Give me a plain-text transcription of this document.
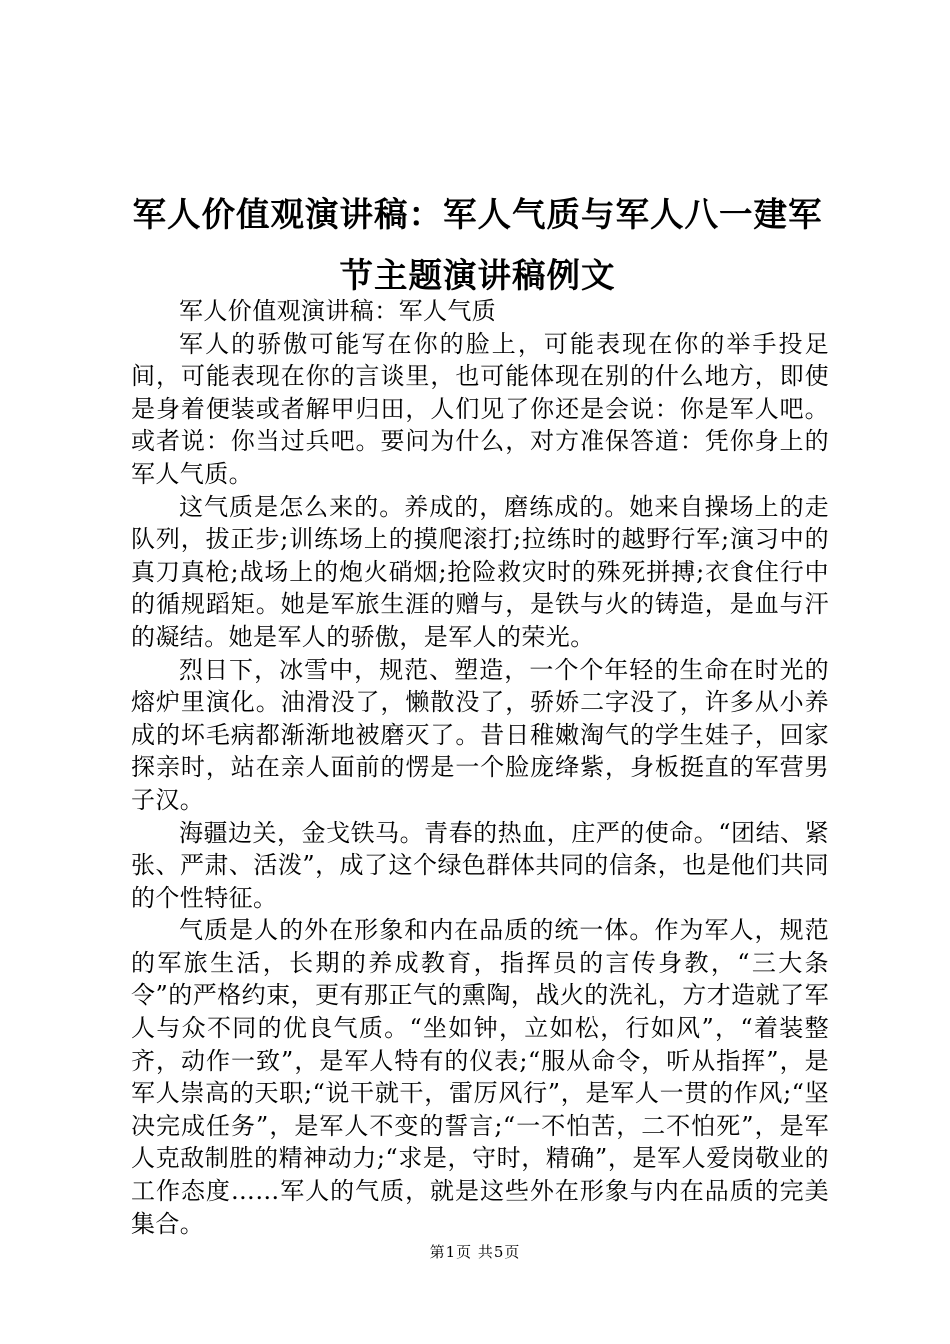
军人价值观演讲稿：军人气质与军人八一建军节主题演讲稿例文

军人价值观演讲稿：军人气质

军人的骄傲可能写在你的脸上，可能表现在你的举手投足间，可能表现在你的言谈里，也可能体现在别的什么地方，即使是身着便装或者解甲归田，人们见了你还是会说：你是军人吧。或者说：你当过兵吧。要问为什么，对方准保答道：凭你身上的军人气质。

这气质是怎么来的。养成的，磨练成的。她来自操场上的走队列，拔正步;训练场上的摸爬滚打;拉练时的越野行军;演习中的真刀真枪;战场上的炮火硝烟;抢险救灾时的殊死拼搏;衣食住行中的循规蹈矩。她是军旅生涯的赠与，是铁与火的铸造，是血与汗的凝结。她是军人的骄傲，是军人的荣光。

烈日下，冰雪中，规范、塑造，一个个年轻的生命在时光的熔炉里演化。油滑没了，懒散没了，骄娇二字没了，许多从小养成的坏毛病都渐渐地被磨灭了。昔日稚嫩淘气的学生娃子，回家探亲时，站在亲人面前的愣是一个脸庞绛紫，身板挺直的军营男子汉。

海疆边关，金戈铁马。青春的热血，庄严的使命。“团结、紧张、严肃、活泼”，成了这个绿色群体共同的信条，也是他们共同的个性特征。

气质是人的外在形象和内在品质的统一体。作为军人，规范的军旅生活，长期的养成教育，指挥员的言传身教，“三大条令”的严格约束，更有那正气的熏陶，战火的洗礼，方才造就了军人与众不同的优良气质。“坐如钟，立如松，行如风”，“着装整齐，动作一致”，是军人特有的仪表;“服从命令，听从指挥”，是军人崇高的天职;“说干就干，雷厉风行”，是军人一贯的作风;“坚决完成任务”，是军人不变的誓言;“一不怕苦，二不怕死”，是军人克敌制胜的精神动力;“求是，守时，精确”，是军人爱岗敬业的工作态度……军人的气质，就是这些外在形象与内在品质的完美集合。

第1页 共5页
